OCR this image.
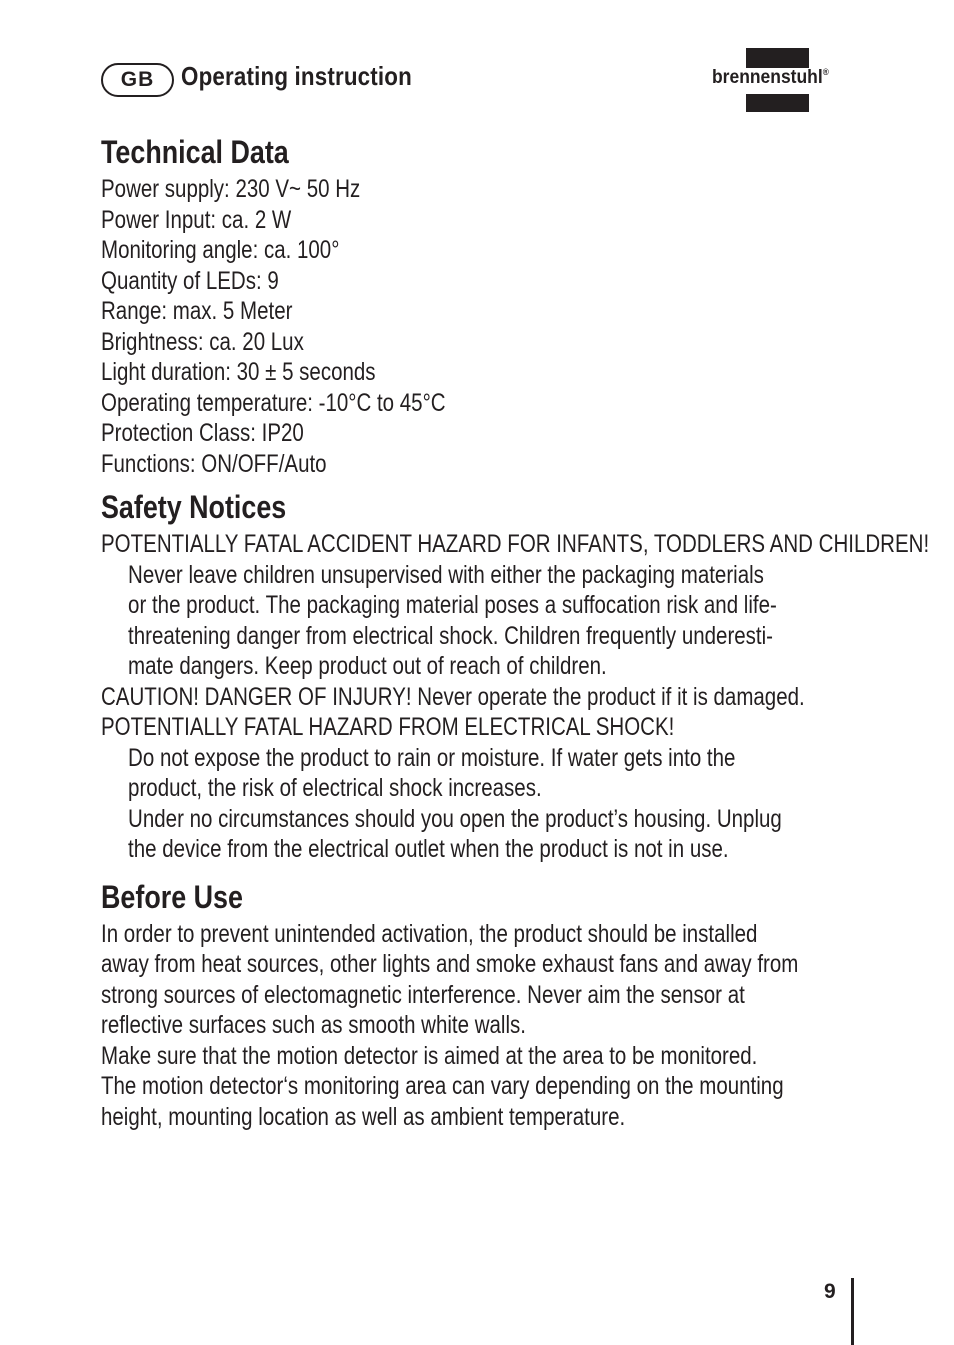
GB	Operating instruction	brennenstuhl®
Technical Data
Power supply: 230 V~ 50 Hz
Power Input: ca. 2 W
Monitoring angle: ca. 100°
Quantity of LEDs: 9
Range: max. 5 Meter
Brightness: ca. 20 Lux
Light duration: 30 ± 5 seconds
Operating temperature: -10°C to 45°C
Protection Class: IP20
Functions: ON/OFF/Auto
Safety Notices
POTENTIALLY FATAL ACCIDENT HAZARD FOR INFANTS, TODDLERS AND CHILDREN!
Never leave children unsupervised with either the packaging materials
or the product. The packaging material poses a suffocation risk and life-
threatening danger from electrical shock. Children frequently underesti-
mate dangers. Keep product out of reach of children.
CAUTION! DANGER OF INJURY! Never operate the product if it is damaged.
POTENTIALLY FATAL HAZARD FROM ELECTRICAL SHOCK!
Do not expose the product to rain or moisture. If water gets into the
product, the risk of electrical shock increases.
Under no circumstances should you open the product’s housing. Unplug
the device from the electrical outlet when the product is not in use.
Before Use
In order to prevent unintended activation, the product should be installed
away from heat sources, other lights and smoke exhaust fans and away from
strong sources of electomagnetic interference. Never aim the sensor at
reflective surfaces such as smooth white walls.
Make sure that the motion detector is aimed at the area to be monitored.
The motion detector‘s monitoring area can vary depending on the mounting
height, mounting location as well as ambient temperature.
9
